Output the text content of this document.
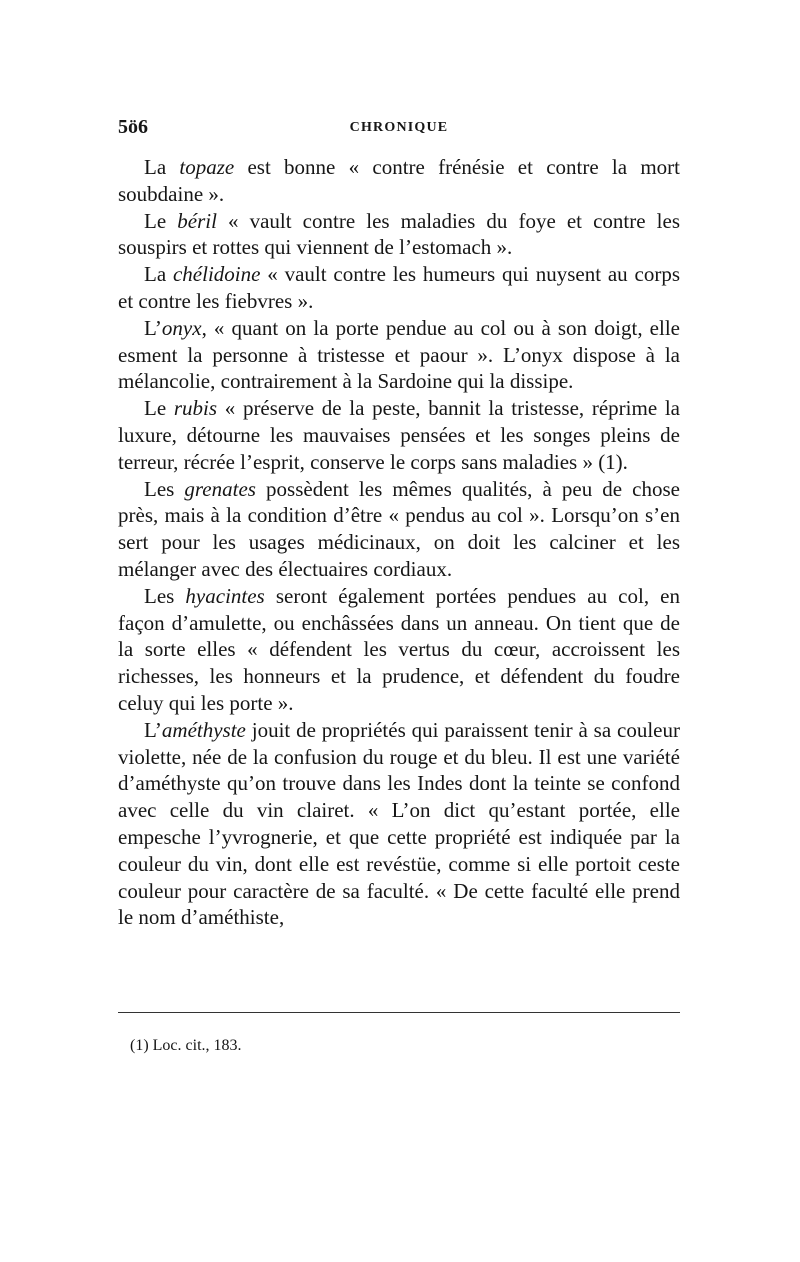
5ö6	CHRONIQUE

La topaze est bonne « contre frénésie et contre la mort soubdaine ».

Le béril « vault contre les maladies du foye et contre les souspirs et rottes qui viennent de l’estomach ».

La chélidoine « vault contre les humeurs qui nuysent au corps et contre les fiebvres ».

L’onyx, « quant on la porte pendue au col ou à son doigt, elle esment la personne à tristesse et paour ». L’onyx dispose à la mélancolie, contrairement à la Sardoine qui la dissipe.

Le rubis « préserve de la peste, bannit la tristesse, réprime la luxure, détourne les mauvaises pensées et les songes pleins de terreur, récrée l’esprit, conserve le corps sans maladies » (1).

Les grenates possèdent les mêmes qualités, à peu de chose près, mais à la condition d’être « pendus au col ». Lorsqu’on s’en sert pour les usages médicinaux, on doit les calciner et les mélanger avec des électuaires cordiaux.

Les hyacintes seront également portées pendues au col, en façon d’amulette, ou enchâssées dans un anneau. On tient que de la sorte elles « défendent les vertus du cœur, accroissent les richesses, les honneurs et la prudence, et défendent du foudre celuy qui les porte ».

L’améthyste jouit de propriétés qui paraissent tenir à sa couleur violette, née de la confusion du rouge et du bleu. Il est une variété d’améthyste qu’on trouve dans les Indes dont la teinte se confond avec celle du vin clairet. « L’on dict qu’estant portée, elle empesche l’yvrognerie, et que cette propriété est indiquée par la couleur du vin, dont elle est revéstüe, comme si elle portoit ceste couleur pour caractère de sa faculté. « De cette faculté elle prend le nom d’améthiste,

(1) Loc. cit., 183.
